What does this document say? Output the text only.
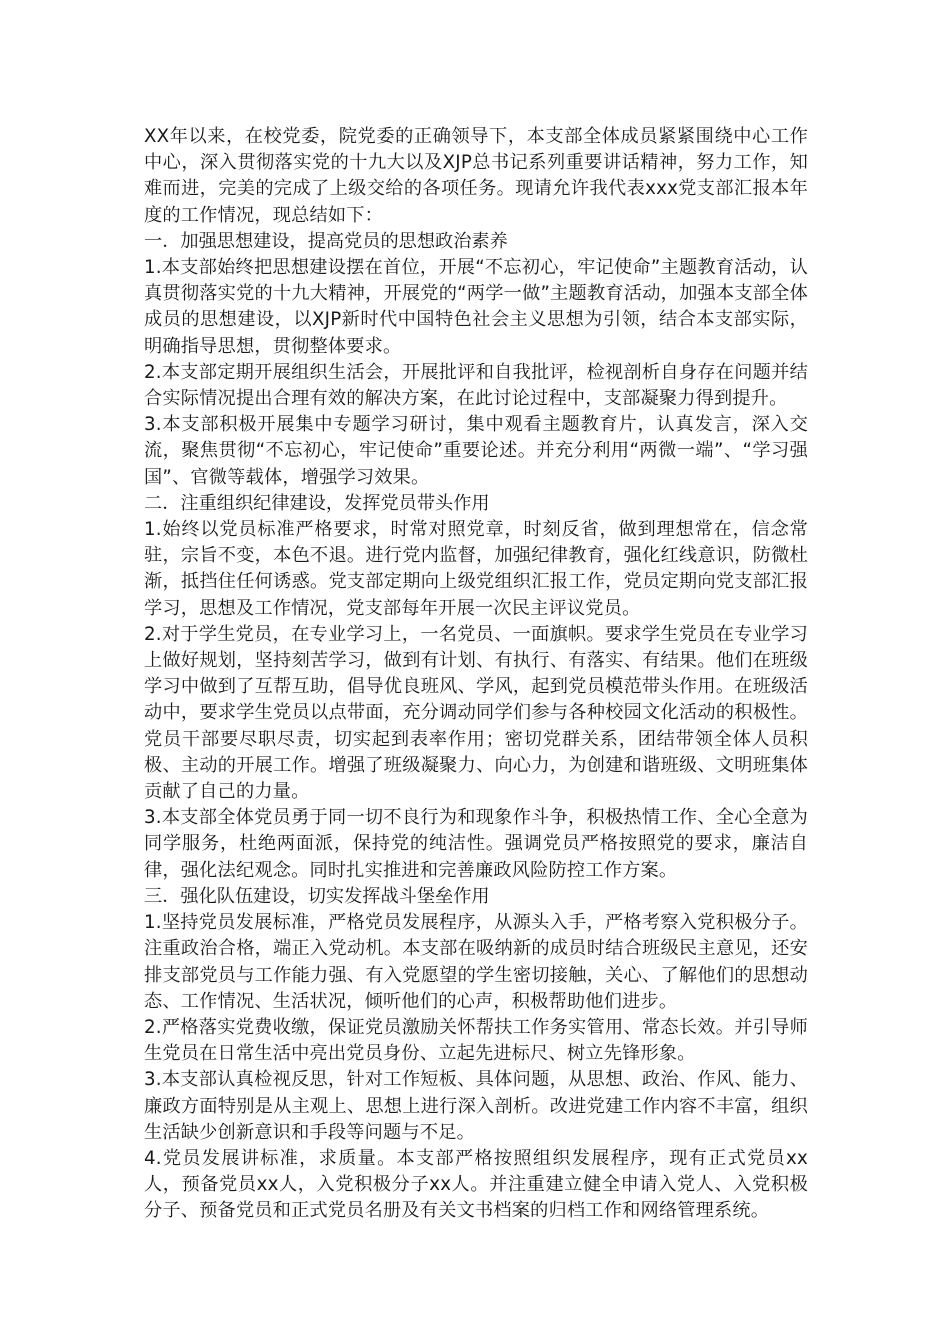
XX年以来，在校党委，院党委的正确领导下，本支部全体成员紧紧围绕中心工作中心，深入贯彻落实党的十九大以及XJP总书记系列重要讲话精神，努力工作，知难而进，完美的完成了上级交给的各项任务。现请允许我代表xxx党支部汇报本年度的工作情况，现总结如下：

一．加强思想建设，提高党员的思想政治素养

1.本支部始终把思想建设摆在首位，开展“不忘初心，牢记使命”主题教育活动，认真贯彻落实党的十九大精神，开展党的“两学一做”主题教育活动，加强本支部全体成员的思想建设，以XJP新时代中国特色社会主义思想为引领，结合本支部实际，明确指导思想，贯彻整体要求。

2.本支部定期开展组织生活会，开展批评和自我批评，检视剖析自身存在问题并结合实际情况提出合理有效的解决方案，在此讨论过程中，支部凝聚力得到提升。

3.本支部积极开展集中专题学习研讨，集中观看主题教育片，认真发言，深入交流，聚焦贯彻“不忘初心，牢记使命”重要论述。并充分利用“两微一端”、“学习强国”、官微等载体，增强学习效果。

二．注重组织纪律建设，发挥党员带头作用

1.始终以党员标准严格要求，时常对照党章，时刻反省，做到理想常在，信念常驻，宗旨不变，本色不退。进行党内监督，加强纪律教育，强化红线意识，防微杜渐，抵挡住任何诱惑。党支部定期向上级党组织汇报工作，党员定期向党支部汇报学习，思想及工作情况，党支部每年开展一次民主评议党员。

2.对于学生党员，在专业学习上，一名党员、一面旗帜。要求学生党员在专业学习上做好规划，坚持刻苦学习，做到有计划、有执行、有落实、有结果。他们在班级学习中做到了互帮互助，倡导优良班风、学风，起到党员模范带头作用。在班级活动中，要求学生党员以点带面，充分调动同学们参与各种校园文化活动的积极性。党员干部要尽职尽责，切实起到表率作用；密切党群关系，团结带领全体人员积极、主动的开展工作。增强了班级凝聚力、向心力，为创建和谐班级、文明班集体贡献了自己的力量。

3.本支部全体党员勇于同一切不良行为和现象作斗争，积极热情工作、全心全意为同学服务，杜绝两面派，保持党的纯洁性。强调党员严格按照党的要求，廉洁自律，强化法纪观念。同时扎实推进和完善廉政风险防控工作方案。

三．强化队伍建设，切实发挥战斗堡垒作用

1.坚持党员发展标准，严格党员发展程序，从源头入手，严格考察入党积极分子。注重政治合格，端正入党动机。本支部在吸纳新的成员时结合班级民主意见，还安排支部党员与工作能力强、有入党愿望的学生密切接触，关心、了解他们的思想动态、工作情况、生活状况，倾听他们的心声，积极帮助他们进步。

2.严格落实党费收缴，保证党员激励关怀帮扶工作务实管用、常态长效。并引导师生党员在日常生活中亮出党员身份、立起先进标尺、树立先锋形象。

3.本支部认真检视反思，针对工作短板、具体问题，从思想、政治、作风、能力、廉政方面特别是从主观上、思想上进行深入剖析。改进党建工作内容不丰富，组织生活缺少创新意识和手段等问题与不足。

4.党员发展讲标准，求质量。本支部严格按照组织发展程序，现有正式党员xx人，预备党员xx人，入党积极分子xx人。并注重建立健全申请入党人、入党积极分子、预备党员和正式党员名册及有关文书档案的归档工作和网络管理系统。
